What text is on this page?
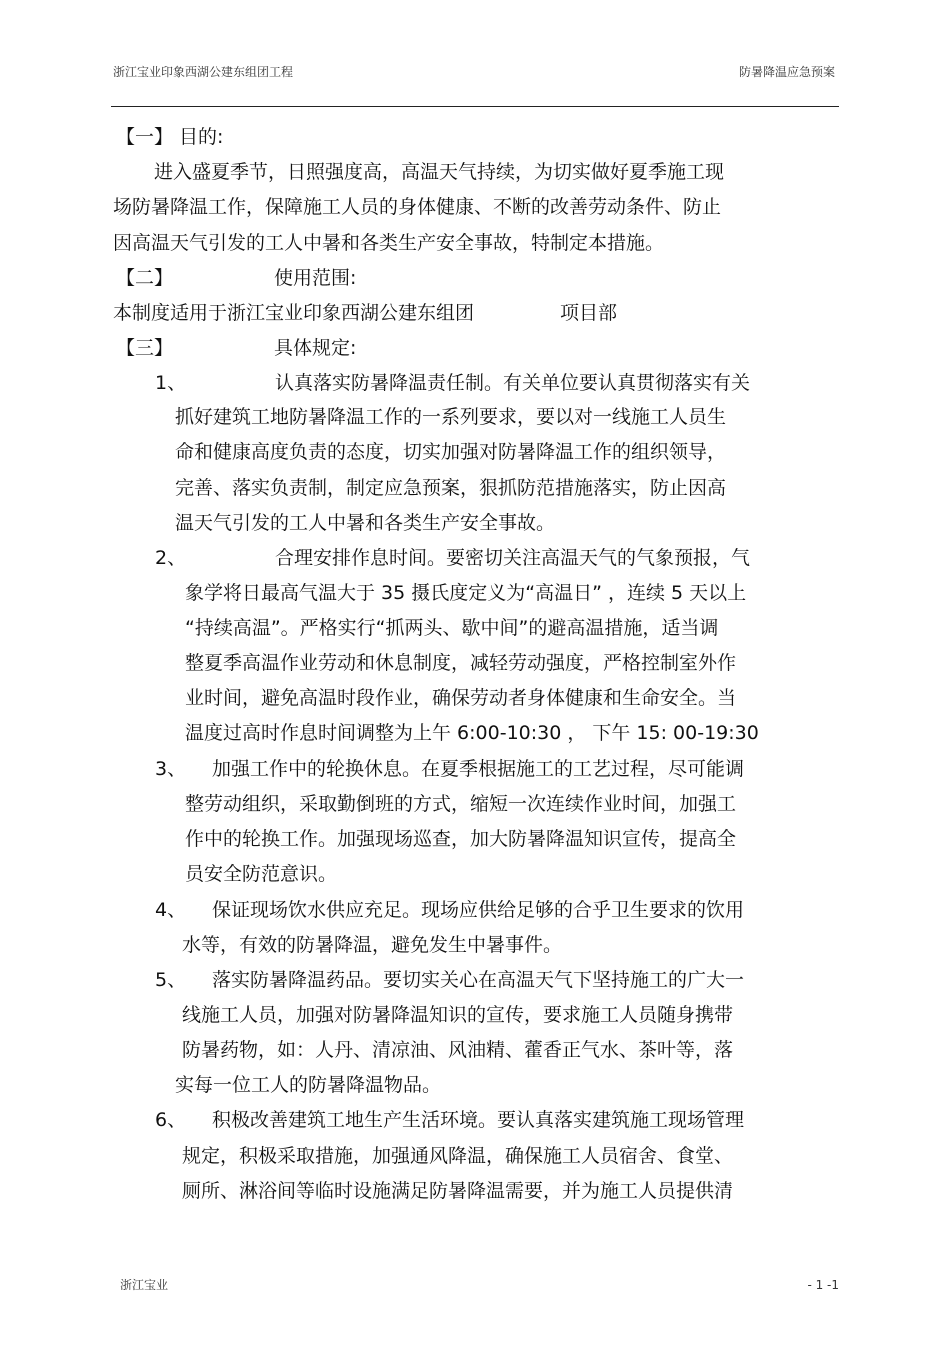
浙江宝业印象西湖公建东组团工程	防暑降温应急预案
【一】 目的:
进入盛夏季节，日照强度高，高温天气持续，为切实做好夏季施工现
场防暑降温工作，保障施工人员的身体健康、不断的改善劳动条件、防止
因高温天气引发的工人中暑和各类生产安全事故，特制定本措施。
【二】	使用范围:
本制度适用于浙江宝业印象西湖公建东组团	项目部
【三】	具体规定:
1、	认真落实防暑降温责任制。有关单位要认真贯彻落实有关
抓好建筑工地防暑降温工作的一系列要求，要以对一线施工人员生
命和健康高度负责的态度，切实加强对防暑降温工作的组织领导，
完善、落实负责制，制定应急预案，狠抓防范措施落实，防止因高
温天气引发的工人中暑和各类生产安全事故。
2、	合理安排作息时间。要密切关注高温天气的气象预报，气
象学将日最高气温大于 35 摄氏度定义为“高温日” ，连续 5 天以上
“持续高温”。严格实行“抓两头、歇中间”的避高温措施，适当调
整夏季高温作业劳动和休息制度，减轻劳动强度，严格控制室外作
业时间，避免高温时段作业，确保劳动者身体健康和生命安全。当
温度过高时作息时间调整为上午 6:00-10:30 ， 下午 15: 00-19:30
3、 加强工作中的轮换休息。在夏季根据施工的工艺过程，尽可能调
整劳动组织，采取勤倒班的方式，缩短一次连续作业时间，加强工
作中的轮换工作。加强现场巡查，加大防暑降温知识宣传，提高全
员安全防范意识。
4、 保证现场饮水供应充足。现场应供给足够的合乎卫生要求的饮用
水等，有效的防暑降温，避免发生中暑事件。
5、 落实防暑降温药品。要切实关心在高温天气下坚持施工的广大一
线施工人员，加强对防暑降温知识的宣传，要求施工人员随身携带
防暑药物，如：人丹、清凉油、风油精、藿香正气水、茶叶等，落
实每一位工人的防暑降温物品。
6、 积极改善建筑工地生产生活环境。要认真落实建筑施工现场管理
规定，积极采取措施，加强通风降温，确保施工人员宿舍、食堂、
厕所、淋浴间等临时设施满足防暑降温需要，并为施工人员提供清
浙江宝业	- 1 -1
